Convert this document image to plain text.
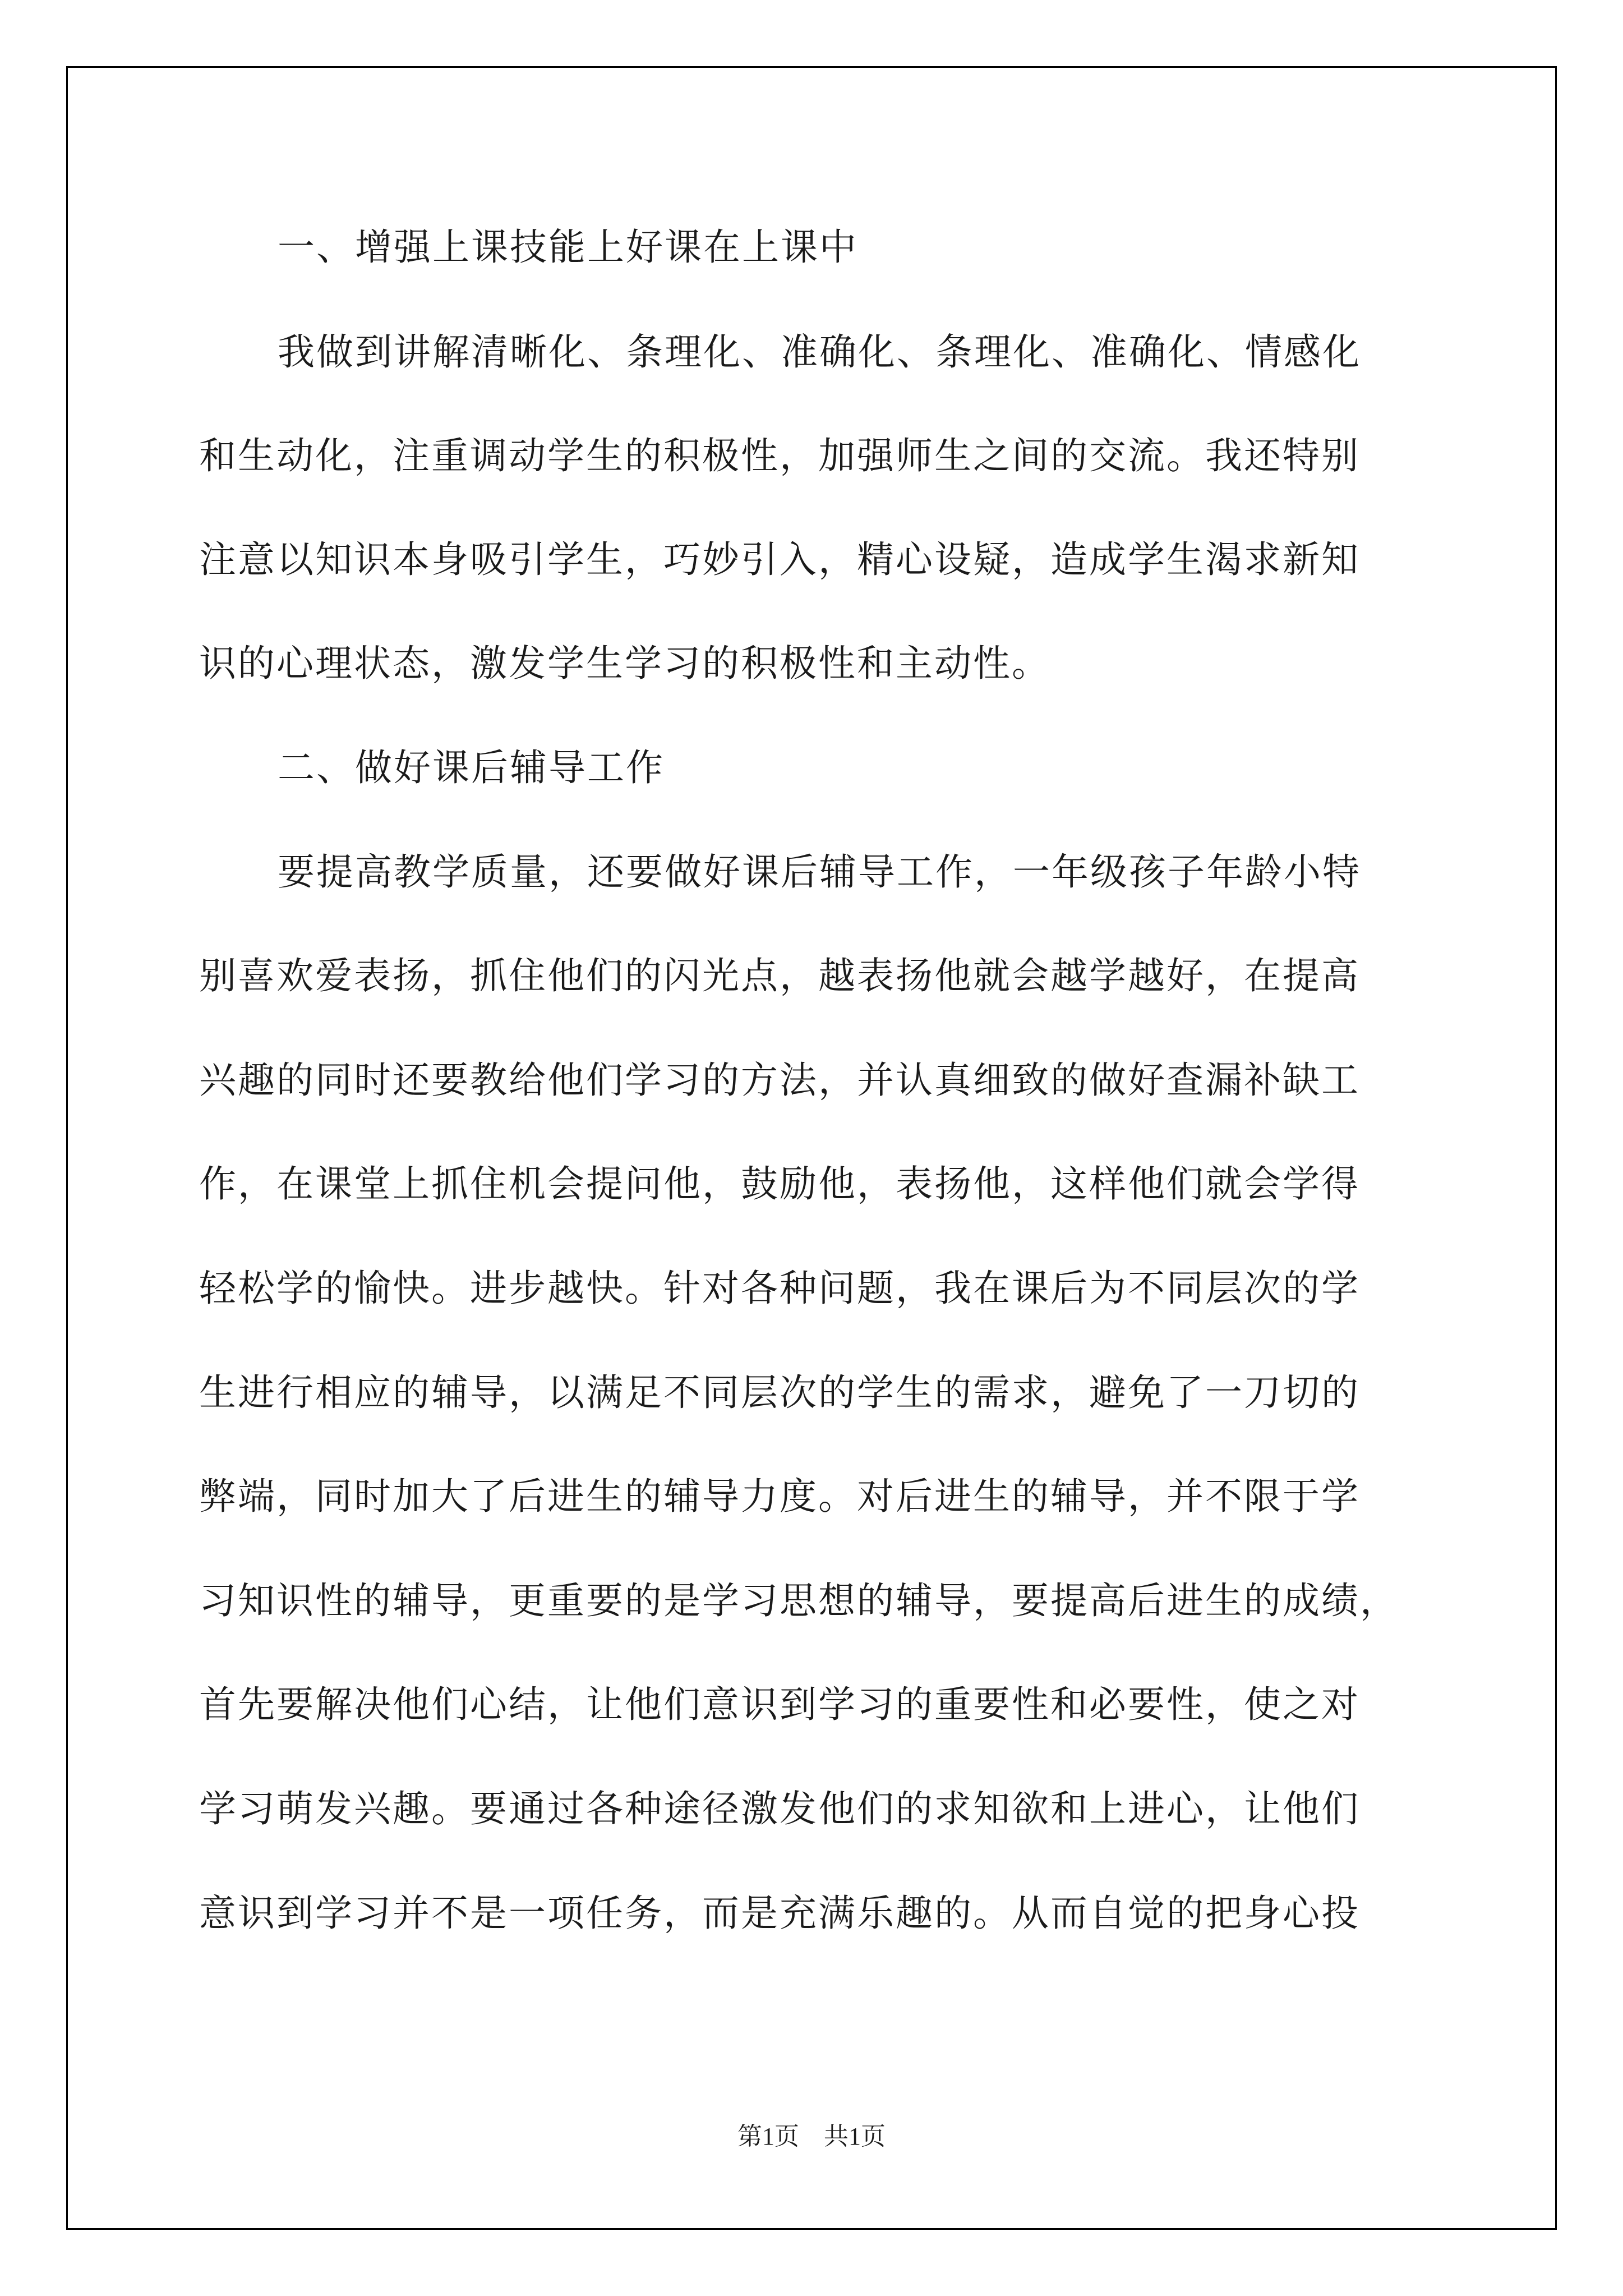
一、增强上课技能上好课在上课中
我做到讲解清晰化、条理化、准确化、条理化、准确化、情感化
和生动化，注重调动学生的积极性，加强师生之间的交流。我还特别
注意以知识本身吸引学生，巧妙引入，精心设疑，造成学生渴求新知
识的心理状态，激发学生学习的积极性和主动性。
二、做好课后辅导工作
要提高教学质量，还要做好课后辅导工作，一年级孩子年龄小特
别喜欢爱表扬，抓住他们的闪光点，越表扬他就会越学越好，在提高
兴趣的同时还要教给他们学习的方法，并认真细致的做好查漏补缺工
作，在课堂上抓住机会提问他，鼓励他，表扬他，这样他们就会学得
轻松学的愉快。进步越快。针对各种问题，我在课后为不同层次的学
生进行相应的辅导，以满足不同层次的学生的需求，避免了一刀切的
弊端，同时加大了后进生的辅导力度。对后进生的辅导，并不限于学
习知识性的辅导，更重要的是学习思想的辅导，要提高后进生的成绩，
首先要解决他们心结，让他们意识到学习的重要性和必要性，使之对
学习萌发兴趣。要通过各种途径激发他们的求知欲和上进心，让他们
意识到学习并不是一项任务，而是充满乐趣的。从而自觉的把身心投
第1页 共1页
